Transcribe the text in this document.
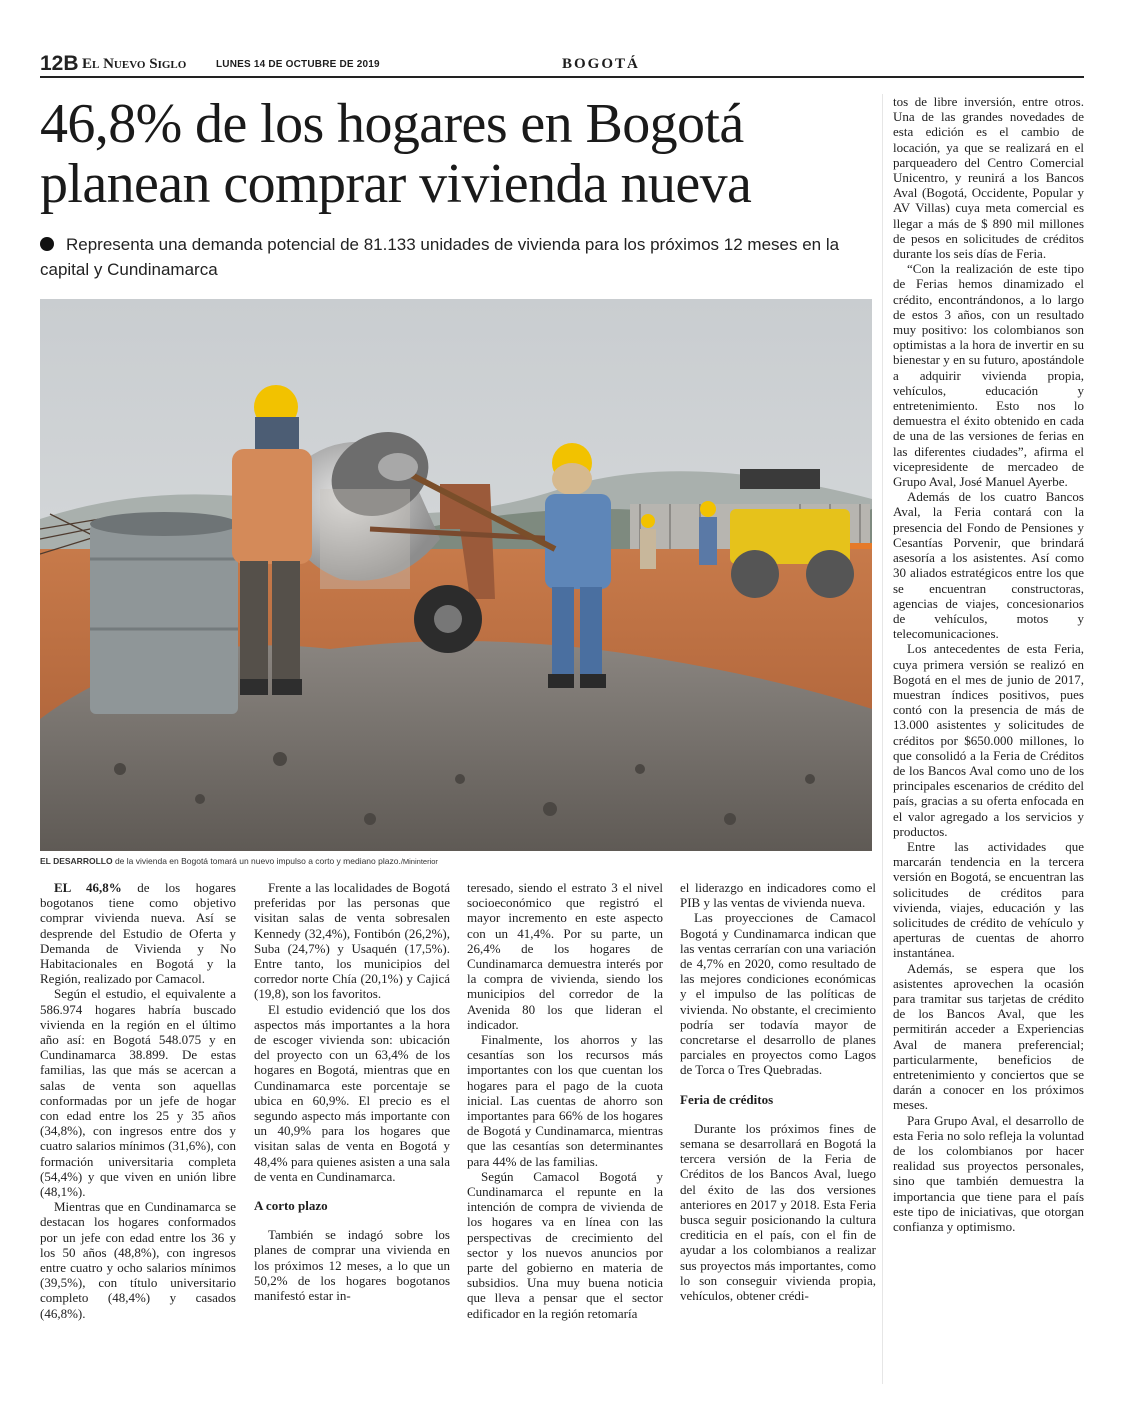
12B El Nuevo Siglo	LUNES 14 DE OCTUBRE DE 2019	BOGOTÁ
46,8% de los hogares en Bogotá planean comprar vivienda nueva
Representa una demanda potencial de 81.133 unidades de vivienda para los próximos 12 meses en la capital y Cundinamarca
EL DESARROLLO de la vivienda en Bogotá tomará un nuevo impulso a corto y mediano plazo./Mininterior

EL 46,8% de los hogares bogotanos tiene como objetivo comprar vivienda nueva. Así se desprende del Estudio de Oferta y Demanda de Vivienda y No Habitacionales en Bogotá y la Región, realizado por Camacol.

Según el estudio, el equivalente a 586.974 hogares habría buscado vivienda en la región en el último año así: en Bogotá 548.075 y en Cundinamarca 38.899. De estas familias, las que más se acercan a salas de venta son aquellas conformadas por un jefe de hogar con edad entre los 25 y 35 años (34,8%), con ingresos entre dos y cuatro salarios mínimos (31,6%), con formación universitaria completa (54,4%) y que viven en unión libre (48,1%).

Mientras que en Cundinamarca se destacan los hogares conformados por un jefe con edad entre los 36 y los 50 años (48,8%), con ingresos entre cuatro y ocho salarios mínimos (39,5%), con título universitario completo (48,4%) y casados (46,8%).

Frente a las localidades de Bogotá preferidas por las personas que visitan salas de venta sobresalen Kennedy (32,4%), Fontibón (26,2%), Suba (24,7%) y Usaquén (17,5%). Entre tanto, los municipios del corredor norte Chía (20,1%) y Cajicá (19,8), son los favoritos.

El estudio evidenció que los dos aspectos más importantes a la hora de escoger vivienda son: ubicación del proyecto con un 63,4% de los hogares en Bogotá, mientras que en Cundinamarca este porcentaje se ubica en 60,9%. El precio es el segundo aspecto más importante con un 40,9% para los hogares que visitan salas de venta en Bogotá y 48,4% para quienes asisten a una sala de venta en Cundinamarca.

A corto plazo

También se indagó sobre los planes de comprar una vivienda en los próximos 12 meses, a lo que un 50,2% de los hogares bogotanos manifestó estar in-

teresado, siendo el estrato 3 el nivel socioeconómico que registró el mayor incremento en este aspecto con un 41,4%. Por su parte, un 26,4% de los hogares de Cundinamarca demuestra interés por la compra de vivienda, siendo los municipios del corredor de la Avenida 80 los que lideran el indicador.

Finalmente, los ahorros y las cesantías son los recursos más importantes con los que cuentan los hogares para el pago de la cuota inicial. Las cuentas de ahorro son importantes para 66% de los hogares de Bogotá y Cundinamarca, mientras que las cesantías son determinantes para 44% de las familias.

Según Camacol Bogotá y Cundinamarca el repunte en la intención de compra de vivienda de los hogares va en línea con las perspectivas de crecimiento del sector y los nuevos anuncios por parte del gobierno en materia de subsidios. Una muy buena noticia que lleva a pensar que el sector edificador en la región retomaría

el liderazgo en indicadores como el PIB y las ventas de vivienda nueva.

Las proyecciones de Camacol Bogotá y Cundinamarca indican que las ventas cerrarían con una variación de 4,7% en 2020, como resultado de las mejores condiciones económicas y el impulso de las políticas de vivienda. No obstante, el crecimiento podría ser todavía mayor de concretarse el desarrollo de planes parciales en proyectos como Lagos de Torca o Tres Quebradas.

Feria de créditos

Durante los próximos fines de semana se desarrollará en Bogotá la tercera versión de la Feria de Créditos de los Bancos Aval, luego del éxito de las dos versiones anteriores en 2017 y 2018. Esta Feria busca seguir posicionando la cultura crediticia en el país, con el fin de ayudar a los colombianos a realizar sus proyectos más importantes, como lo son conseguir vivienda propia, vehículos, obtener crédi-

tos de libre inversión, entre otros. Una de las grandes novedades de esta edición es el cambio de locación, ya que se realizará en el parqueadero del Centro Comercial Unicentro, y reunirá a los Bancos Aval (Bogotá, Occidente, Popular y AV Villas) cuya meta comercial es llegar a más de $ 890 mil millones de pesos en solicitudes de créditos durante los seis días de Feria.

“Con la realización de este tipo de Ferias hemos dinamizado el crédito, encontrándonos, a lo largo de estos 3 años, con un resultado muy positivo: los colombianos son optimistas a la hora de invertir en su bienestar y en su futuro, apostándole a adquirir vivienda propia, vehículos, educación y entretenimiento. Esto nos lo demuestra el éxito obtenido en cada de una de las versiones de ferias en las diferentes ciudades”, afirma el vicepresidente de mercadeo de Grupo Aval, José Manuel Ayerbe.

Además de los cuatro Bancos Aval, la Feria contará con la presencia del Fondo de Pensiones y Cesantías Porvenir, que brindará asesoría a los asistentes. Así como 30 aliados estratégicos entre los que se encuentran constructoras, agencias de viajes, concesionarios de vehículos, motos y telecomunicaciones.

Los antecedentes de esta Feria, cuya primera versión se realizó en Bogotá en el mes de junio de 2017, muestran índices positivos, pues contó con la presencia de más de 13.000 asistentes y solicitudes de créditos por $650.000 millones, lo que consolidó a la Feria de Créditos de los Bancos Aval como uno de los principales escenarios de crédito del país, gracias a su oferta enfocada en el valor agregado a los servicios y productos.

Entre las actividades que marcarán tendencia en la tercera versión en Bogotá, se encuentran las solicitudes de créditos para vivienda, viajes, educación y las solicitudes de crédito de vehículo y aperturas de cuentas de ahorro instantánea.

Además, se espera que los asistentes aprovechen la ocasión para tramitar sus tarjetas de crédito de los Bancos Aval, que les permitirán acceder a Experiencias Aval de manera preferencial; particularmente, beneficios de entretenimiento y conciertos que se darán a conocer en los próximos meses.

Para Grupo Aval, el desarrollo de esta Feria no solo refleja la voluntad de los colombianos por hacer realidad sus proyectos personales, sino que también demuestra la importancia que tiene para el país este tipo de iniciativas, que otorgan confianza y optimismo.
